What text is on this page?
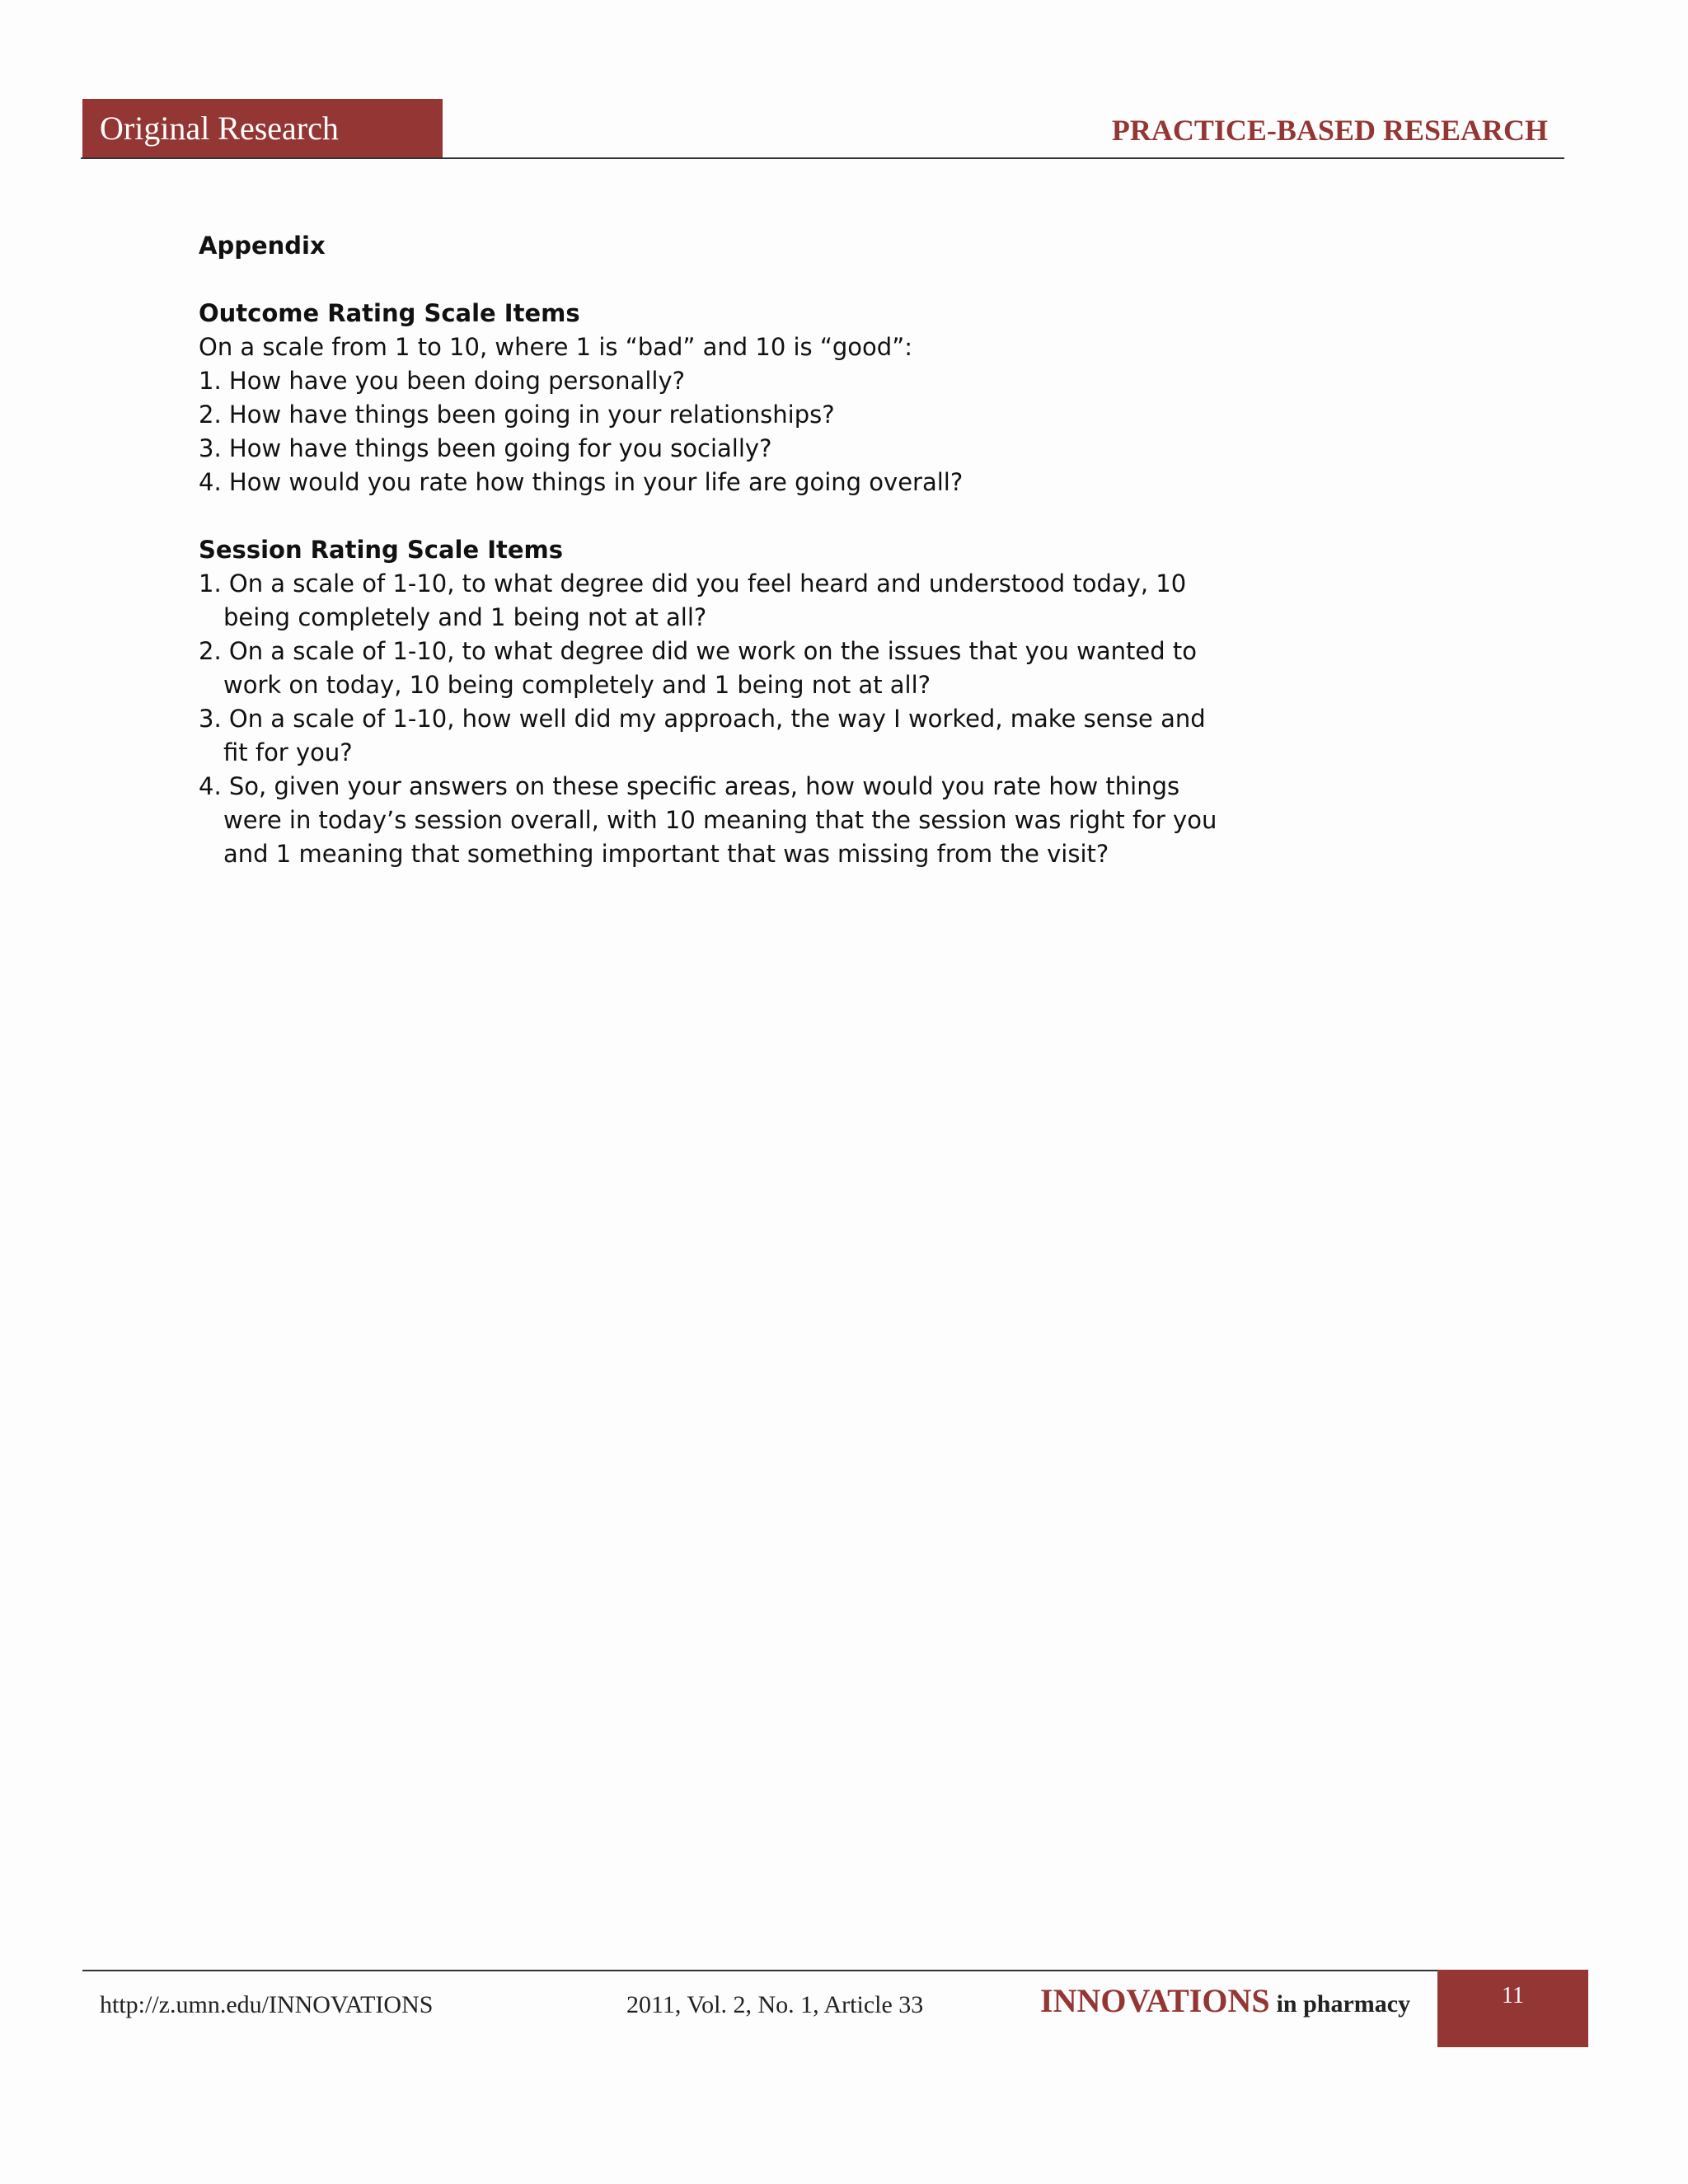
Original Research	PRACTICE-BASED RESEARCH
Appendix
Outcome Rating Scale Items

On a scale from 1 to 10, where 1 is “bad” and 10 is “good”:

1. How have you been doing personally?

2. How have things been going in your relationships?

3. How have things been going for you socially?

4. How would you rate how things in your life are going overall?

Session Rating Scale Items

1. On a scale of 1-10, to what degree did you feel heard and understood today, 10 being completely and 1 being not at all?

2. On a scale of 1-10, to what degree did we work on the issues that you wanted to work on today, 10 being completely and 1 being not at all?

3. On a scale of 1-10, how well did my approach, the way I worked, make sense and fit for you?

4. So, given your answers on these specific areas, how would you rate how things were in today’s session overall, with 10 meaning that the session was right for you and 1 meaning that something important that was missing from the visit?

http://z.umn.edu/INNOVATIONS	2011, Vol. 2, No. 1, Article 33	INNOVATIONS in pharmacy	11
